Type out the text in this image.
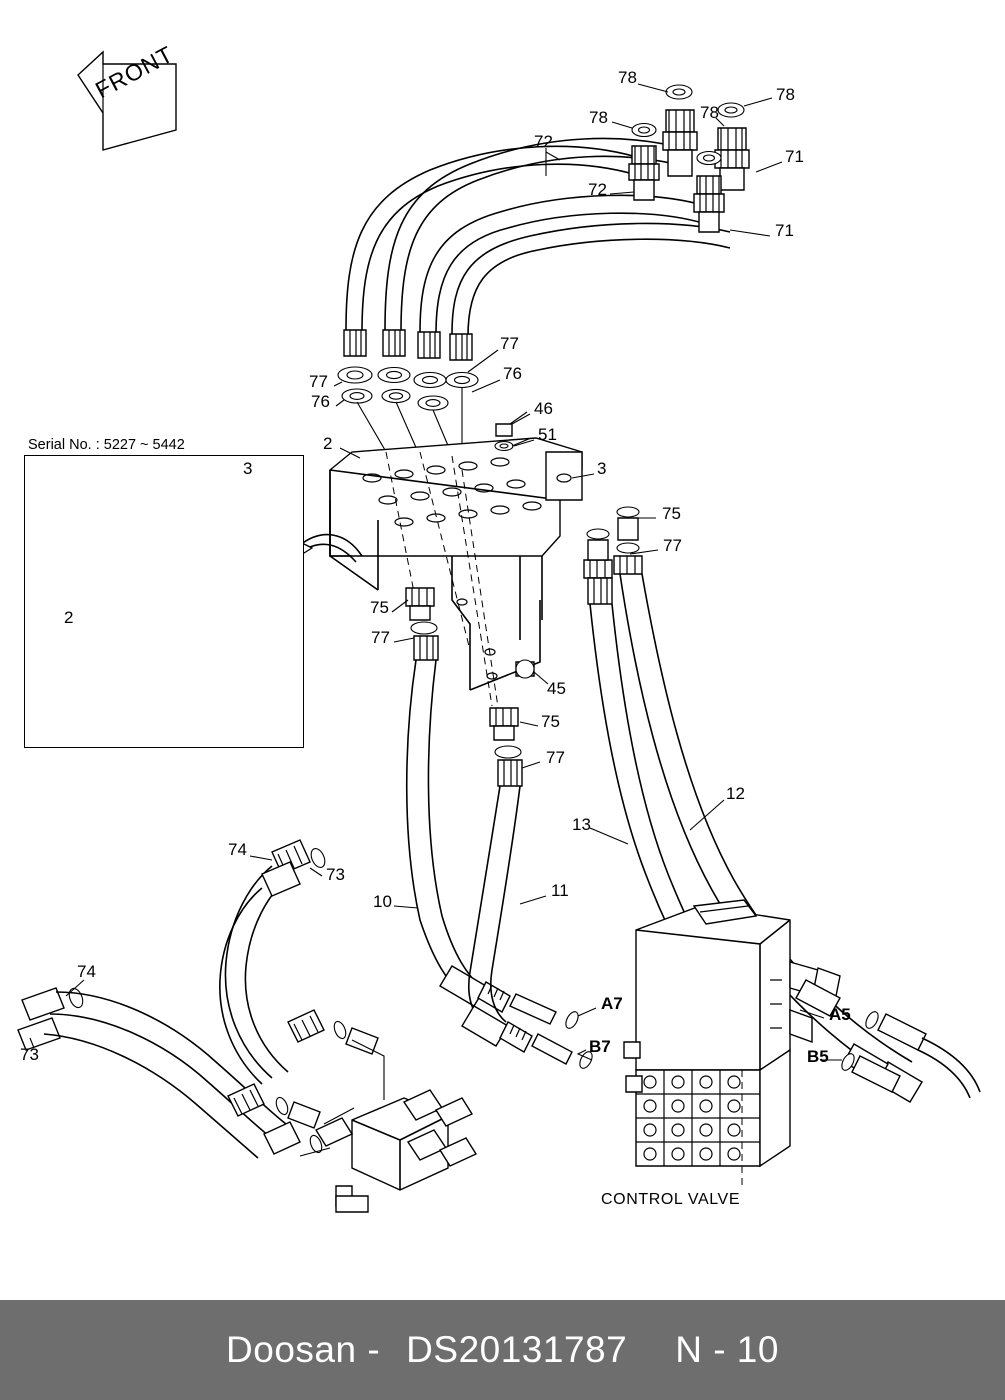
Serial No. : 5227 ~ 5442
FRONT
3
2
A7
B7
A5
B5
CONTROL VALVE
78
78
78	78
72
71
72
71
77
77	76
76	46
51
2
3
75
77
75
77
45
75
77
12
13
11
10
74
73
74
73
Doosan - DS20131787 N - 10
